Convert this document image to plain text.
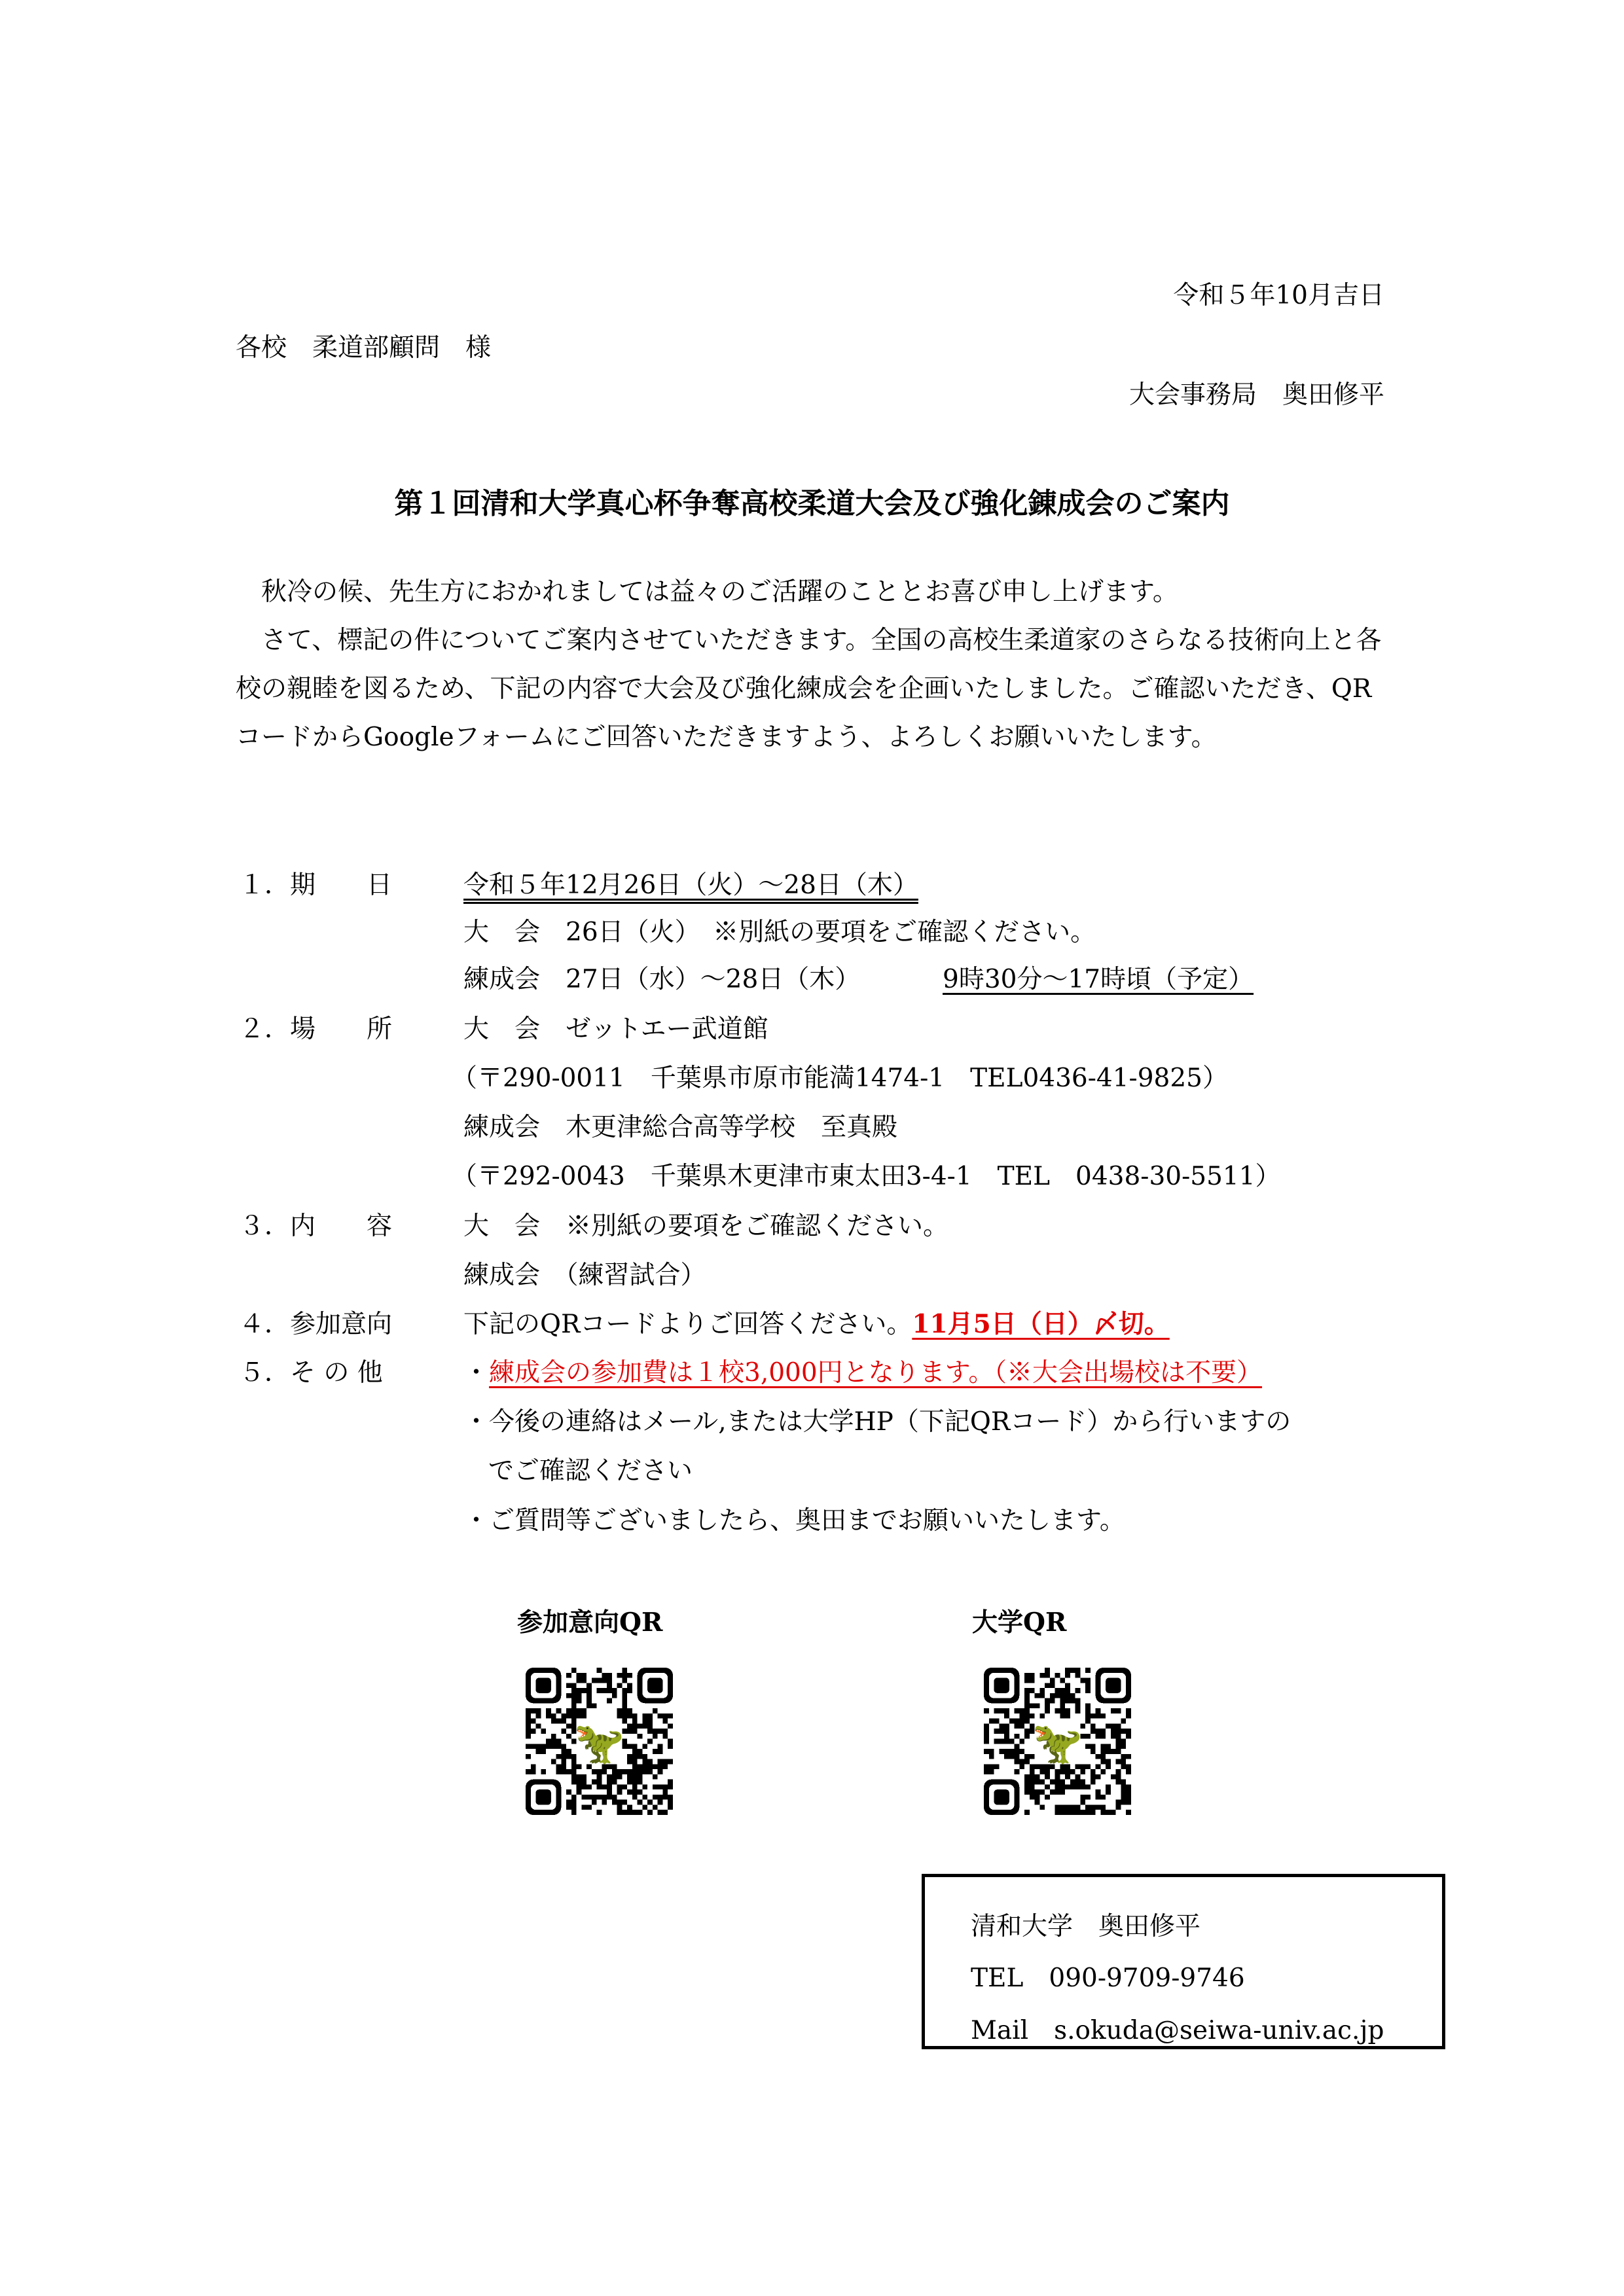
令和５年10月吉日
各校　柔道部顧問　様
大会事務局　奥田修平
第１回清和大学真心杯争奪高校柔道大会及び強化錬成会のご案内

秋冷の候、先生方におかれましては益々のご活躍のこととお喜び申し上げます。

さて、標記の件についてご案内させていただきます。全国の高校生柔道家のさらなる技術向上と各校の親睦を図るため、下記の内容で大会及び強化練成会を企画いたしました。ご確認いただき、QRコードからGoogleフォームにご回答いただきますよう、よろしくお願いいたします。

１．期　　日	令和５年12月26日（火）～28日（木）
大　会　26日（火）　※別紙の要項をご確認ください。
練成会　27日（水）～28日（木）	9時30分～17時頃（予定）
２．場　　所	大　会　ゼットエー武道館
（〒290-0011　千葉県市原市能満1474-1　TEL0436-41-9825）
練成会　木更津総合高等学校　至真殿
（〒292-0043　千葉県木更津市東太田3-4-1　TEL　0438-30-5511）
３．内　　容	大　会　※別紙の要項をご確認ください。
練成会　（練習試合）
４．参加意向	下記のQRコードよりご回答ください。11月5日（日）〆切。
５．そ の 他	・練成会の参加費は１校3,000円となります。（※大会出場校は不要）
・今後の連絡はメール,または大学HP（下記QRコード）から行いますの
でご確認ください
・ご質問等ございましたら、奥田までお願いいたします。
参加意向QR	大学QR
🦖	🦖
清和大学　奥田修平
TEL　090-9709-9746
Mail　s.okuda@seiwa-univ.ac.jp
